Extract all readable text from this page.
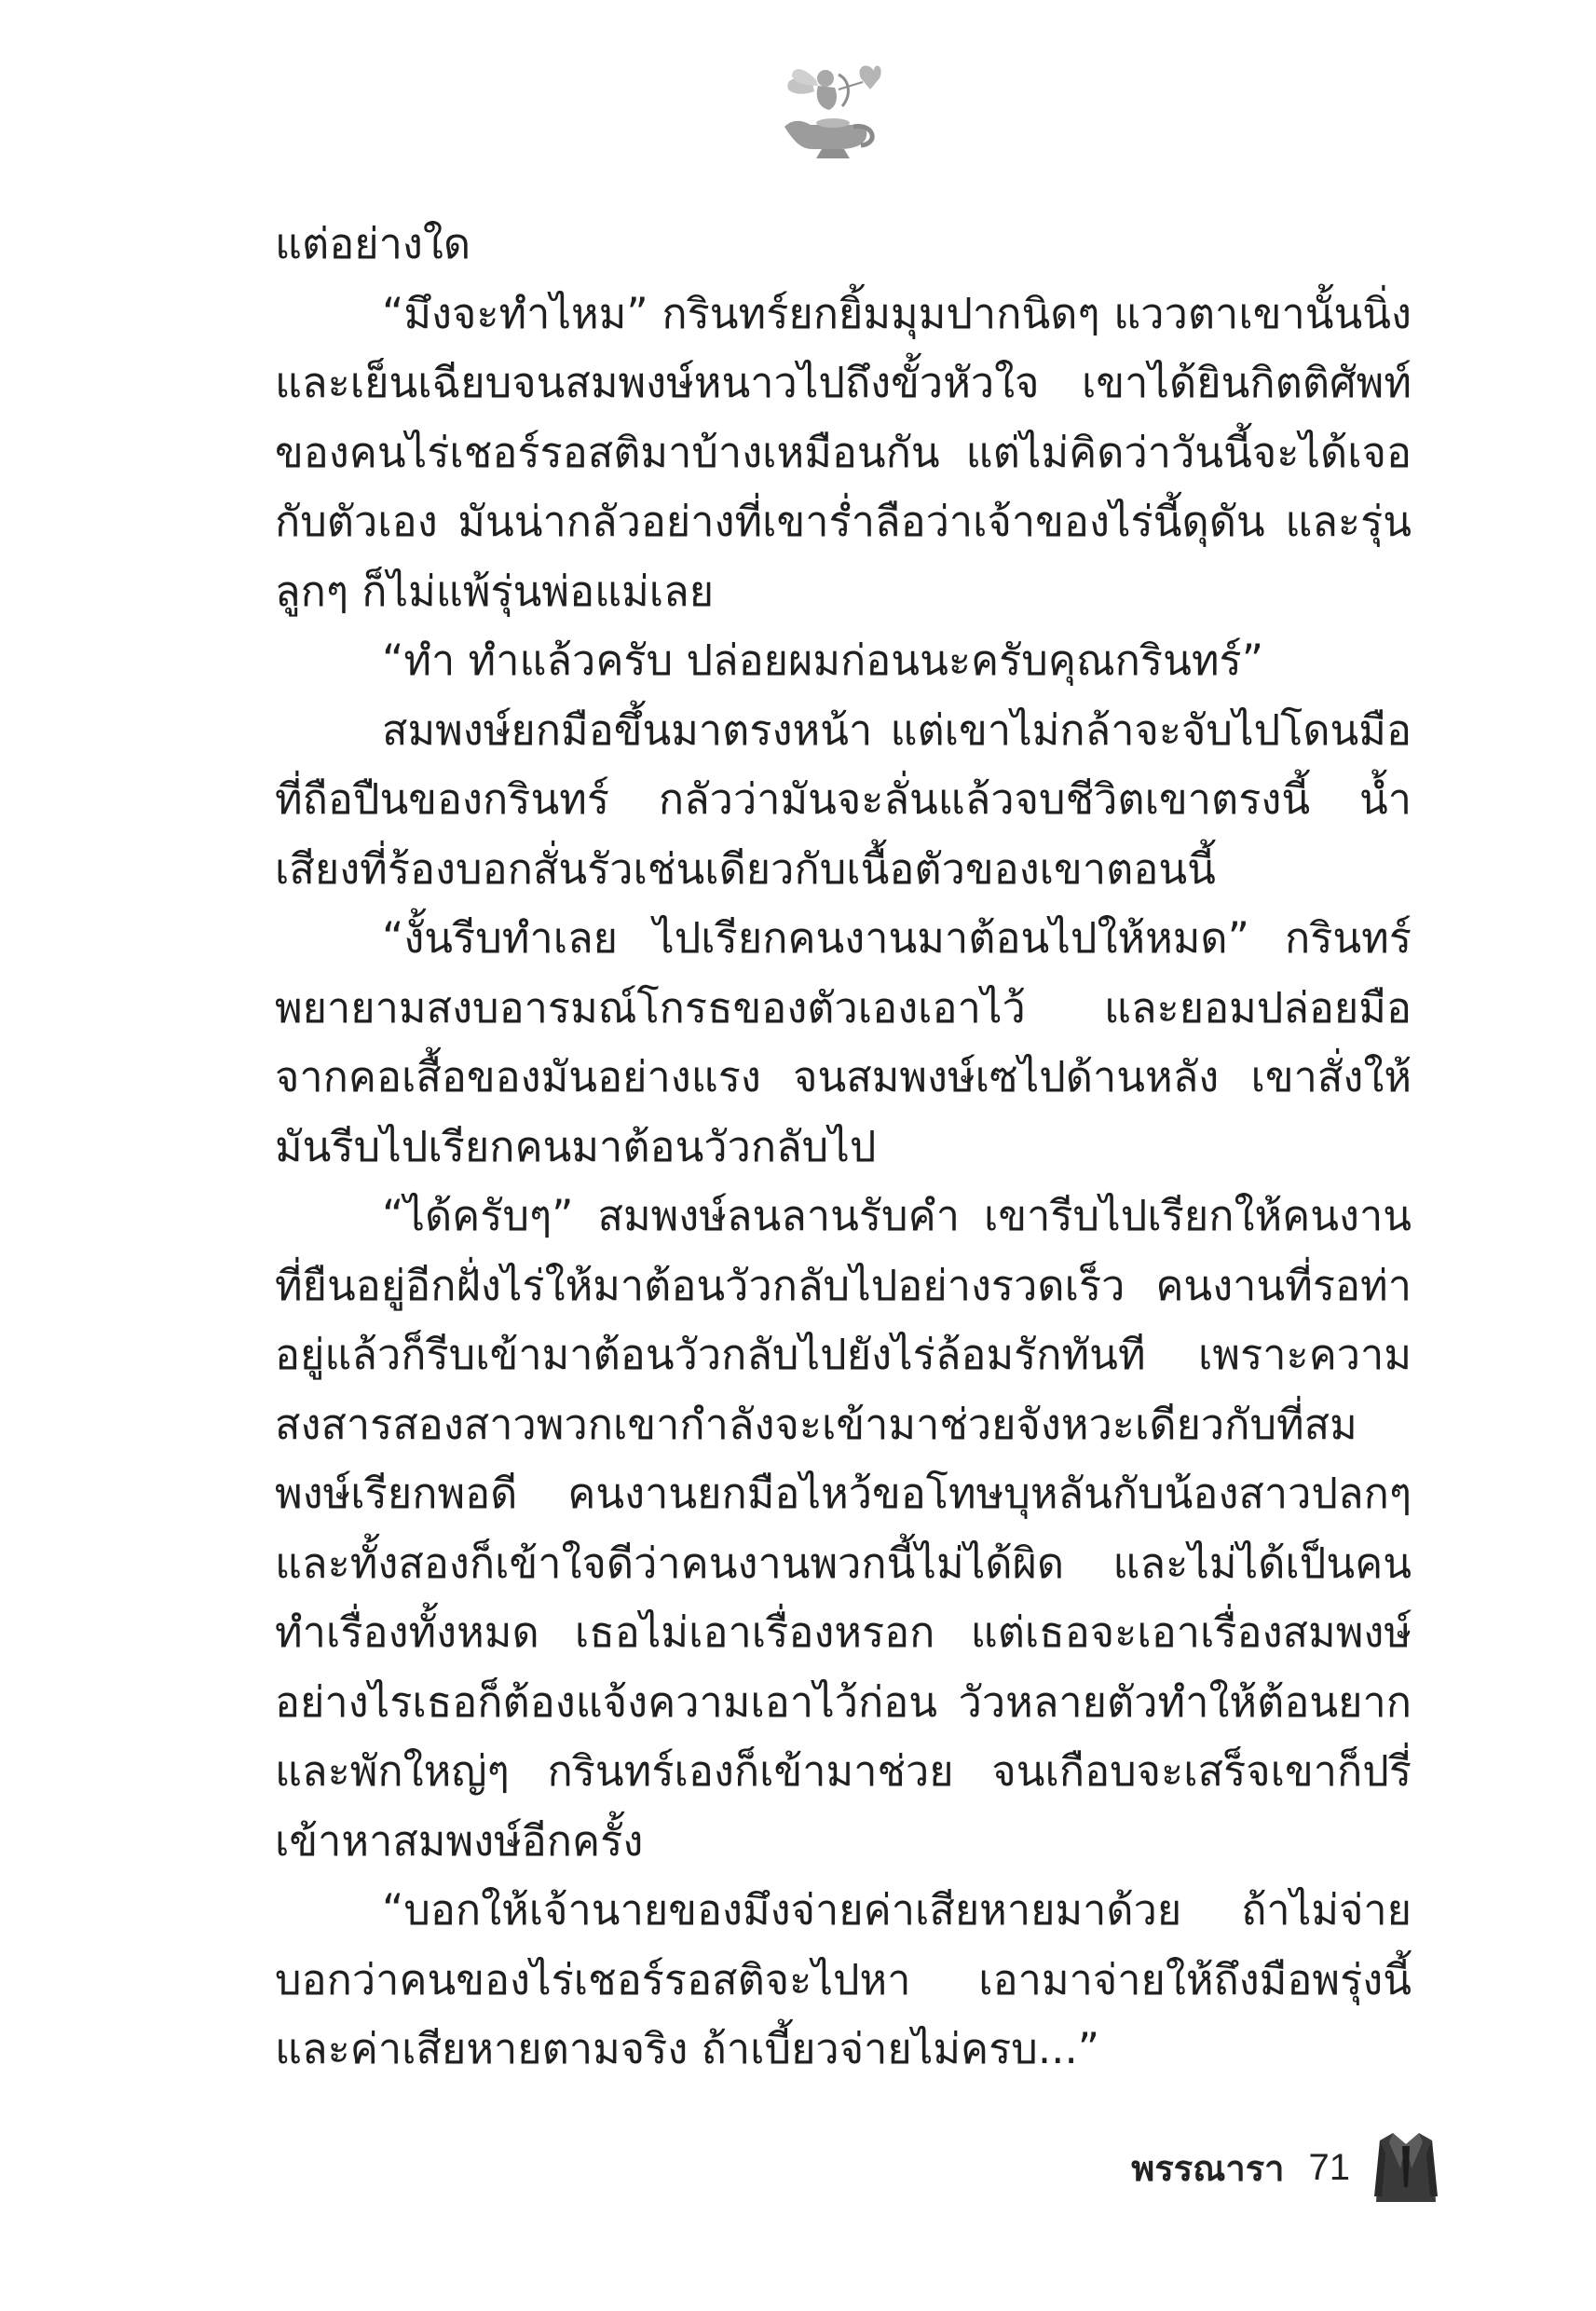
แต่อย่างใด

“มึงจะทำไหม” กรินทร์ยกยิ้มมุมปากนิดๆ แววตาเขานั้นนิ่งและเย็นเฉียบจนสมพงษ์หนาวไปถึงขั้วหัวใจ เขาได้ยินกิตติศัพท์ของคนไร่เชอร์รอสติมาบ้างเหมือนกัน แต่ไม่คิดว่าวันนี้จะได้เจอกับตัวเอง มันน่ากลัวอย่างที่เขาร่ำลือว่าเจ้าของไร่นี้ดุดัน และรุ่นลูกๆ ก็ไม่แพ้รุ่นพ่อแม่เลย

“ทำ ทำแล้วครับ ปล่อยผมก่อนนะครับคุณกรินทร์”

สมพงษ์ยกมือขึ้นมาตรงหน้า แต่เขาไม่กล้าจะจับไปโดนมือที่ถือปืนของกรินทร์ กลัวว่ามันจะลั่นแล้วจบชีวิตเขาตรงนี้ น้ำเสียงที่ร้องบอกสั่นรัวเช่นเดียวกับเนื้อตัวของเขาตอนนี้

“งั้นรีบทำเลย ไปเรียกคนงานมาต้อนไปให้หมด” กรินทร์พยายามสงบอารมณ์โกรธของตัวเองเอาไว้ และยอมปล่อยมือจากคอเสื้อของมันอย่างแรง จนสมพงษ์เซไปด้านหลัง เขาสั่งให้มันรีบไปเรียกคนมาต้อนวัวกลับไป

“ได้ครับๆ” สมพงษ์ลนลานรับคำ เขารีบไปเรียกให้คนงานที่ยืนอยู่อีกฝั่งไร่ให้มาต้อนวัวกลับไปอย่างรวดเร็ว คนงานที่รอท่าอยู่แล้วก็รีบเข้ามาต้อนวัวกลับไปยังไร่ล้อมรักทันที เพราะความสงสารสองสาวพวกเขากำลังจะเข้ามาช่วยจังหวะเดียวกับที่สมพงษ์เรียกพอดี คนงานยกมือไหว้ขอโทษบุหลันกับน้องสาวปลกๆ และทั้งสองก็เข้าใจดีว่าคนงานพวกนี้ไม่ได้ผิด และไม่ได้เป็นคนทำเรื่องทั้งหมด เธอไม่เอาเรื่องหรอก แต่เธอจะเอาเรื่องสมพงษ์ อย่างไรเธอก็ต้องแจ้งความเอาไว้ก่อน วัวหลายตัวทำให้ต้อนยากและพักใหญ่ๆ กรินทร์เองก็เข้ามาช่วย จนเกือบจะเสร็จเขาก็ปรี่เข้าหาสมพงษ์อีกครั้ง

“บอกให้เจ้านายของมึงจ่ายค่าเสียหายมาด้วย ถ้าไม่จ่าย บอกว่าคนของไร่เชอร์รอสติจะไปหา เอามาจ่ายให้ถึงมือพรุ่งนี้ และค่าเสียหายตามจริง ถ้าเบี้ยวจ่ายไม่ครบ...”

พรรณารา 71
